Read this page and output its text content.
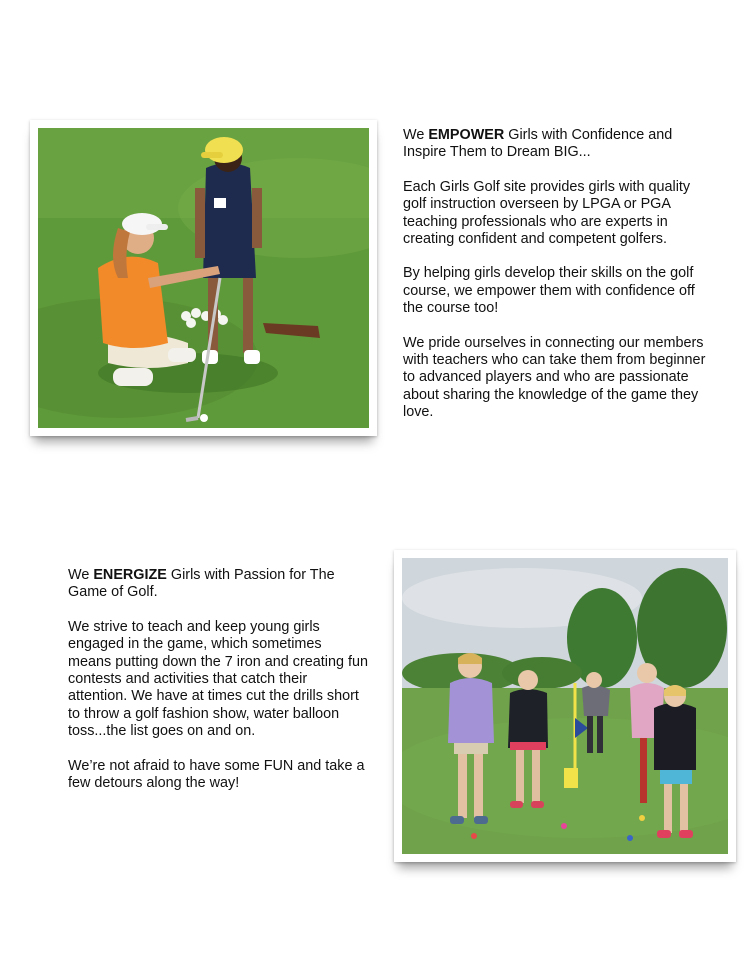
We EMPOWER Girls with Confidence and Inspire Them to Dream BIG...

Each Girls Golf site provides girls with quality golf instruction overseen by LPGA or PGA teaching professionals who are experts in creating confident and competent golfers.

By helping girls develop their skills on the golf course, we empower them with confidence off the course too!

We pride ourselves in connecting our members with teachers who can take them from beginner to advanced players and who are passionate about sharing the knowledge of the game they love.

We ENERGIZE Girls with Passion for The Game of Golf.

We strive to teach and keep young girls engaged in the game, which sometimes means putting down the 7 iron and creating fun contests and activities that catch their attention. We have at times cut the drills short to throw a golf fashion show, water balloon toss...the list goes on and on.

We’re not afraid to have some FUN and take a few detours along the way!
